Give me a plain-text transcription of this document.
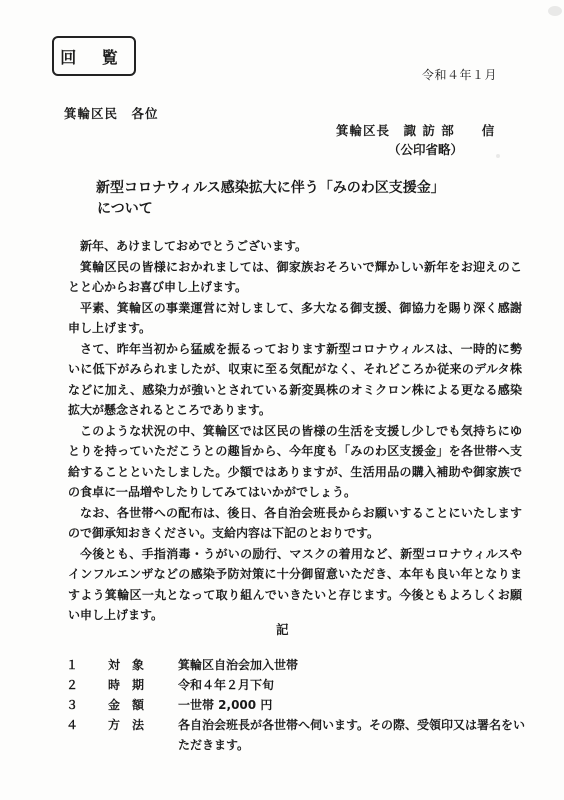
回 覧
令和４年１月
箕輪区民　各位
箕輪区長　諏 訪 部　　信
（公印省略）
新型コロナウィルス感染拡大に伴う「みのわ区支援金」
について

新年、あけましておめでとうございます。

箕輪区民の皆様におかれましては、御家族おそろいで輝かしい新年をお迎えのことと心からお喜び申し上げます。

平素、箕輪区の事業運営に対しまして、多大なる御支援、御協力を賜り深く感謝申し上げます。

さて、昨年当初から猛威を振るっております新型コロナウィルスは、一時的に勢いに低下がみられましたが、収束に至る気配がなく、それどころか従来のデルタ株などに加え、感染力が強いとされている新変異株のオミクロン株による更なる感染拡大が懸念されるところであります。

このような状況の中、箕輪区では区民の皆様の生活を支援し少しでも気持ちにゆとりを持っていただこうとの趣旨から、今年度も「みのわ区支援金」を各世帯へ支給することといたしました。少額ではありますが、生活用品の購入補助や御家族での食卓に一品増やしたりしてみてはいかがでしょう。

なお、各世帯への配布は、後日、各自治会班長からお願いすることにいたしますので御承知おきください。支給内容は下記のとおりです。

今後とも、手指消毒・うがいの励行、マスクの着用など、新型コロナウィルスやインフルエンザなどの感染予防対策に十分御留意いただき、本年も良い年となりますよう箕輪区一丸となって取り組んでいきたいと存じます。今後ともよろしくお願い申し上げます。

記
１	対象	箕輪区自治会加入世帯
２	時期	令和４年２月下旬
３	金額	一世帯 2,000 円
４	方法	各自治会班長が各世帯へ伺います。その際、受領印又は署名をいただきます。
